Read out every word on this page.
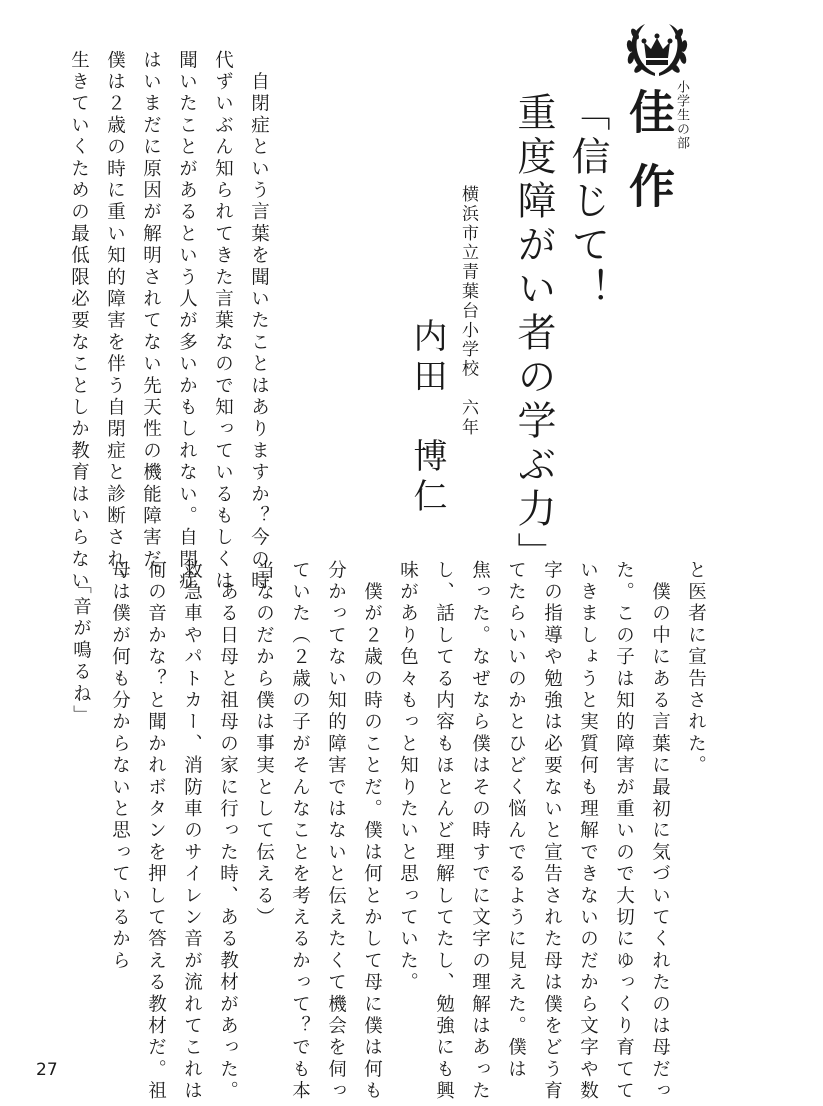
小学生の部
佳作
「信じて！
重度障がい者の学ぶ力」
横浜市立青葉台小学校　六年
内田　博仁
　自閉症という言葉を聞いたことはありますか？今の時
代ずいぶん知られてきた言葉なので知っているもしくは
聞いたことがあるという人が多いかもしれない。自閉症
はいまだに原因が解明されてない先天性の機能障害だ。
僕は２歳の時に重い知的障害を伴う自閉症と診断され、
生きていくための最低限必要なことしか教育はいらない
と医者に宣告された。
　僕の中にある言葉に最初に気づいてくれたのは母だっ
た。この子は知的障害が重いので大切にゆっくり育てて
いきましょうと実質何も理解できないのだから文字や数
字の指導や勉強は必要ないと宣告された母は僕をどう育
てたらいいのかとひどく悩んでるように見えた。僕は
焦った。なぜなら僕はその時すでに文字の理解はあった
し、話してる内容もほとんど理解してたし、勉強にも興
味があり色々もっと知りたいと思っていた。
　僕が２歳の時のことだ。僕は何とかして母に僕は何も
分かってない知的障害ではないと伝えたくて機会を伺っ
ていた（２歳の子がそんなことを考えるかって？でも本
当なのだから僕は事実として伝える）
　ある日母と祖母の家に行った時、ある教材があった。
救急車やパトカー、消防車のサイレン音が流れてこれは
何の音かな？と聞かれボタンを押して答える教材だ。祖
母は僕が何も分からないと思っているから
「音が鳴るね」
27
